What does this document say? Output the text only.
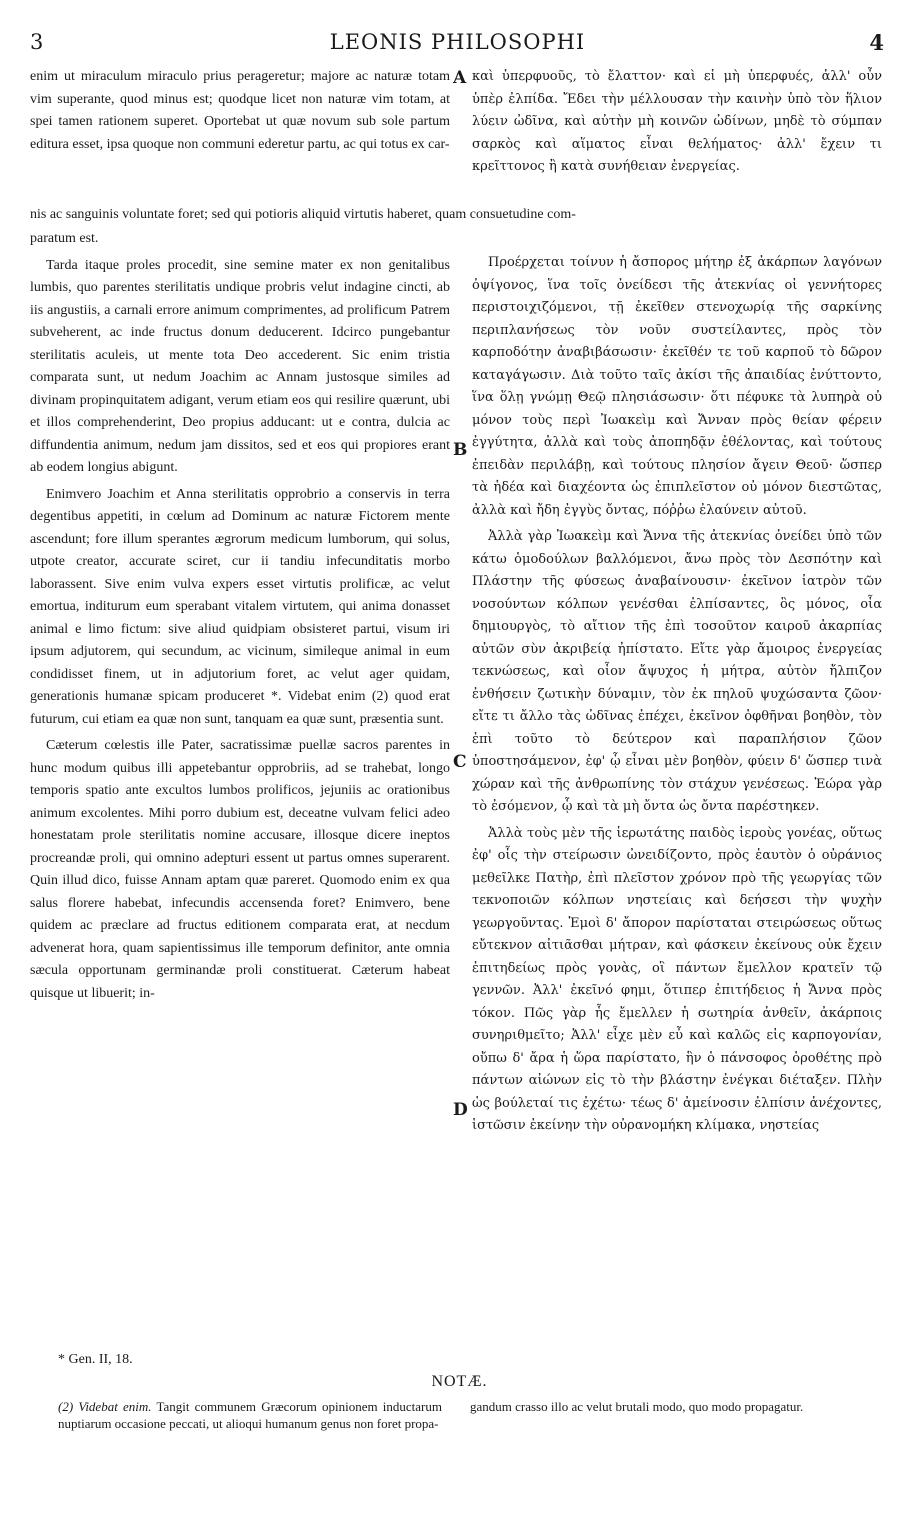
3	LEONIS PHILOSOPHI	4

enim ut miraculum miraculo prius perageretur; majore ac naturæ totam vim superante, quod minus est; quodque licet non naturæ vim totam, at spei tamen rationem superet. Oportebat ut quæ novum sub sole partum editura esset, ipsa quoque non communi ederetur partu, ac qui totus ex car-

καὶ ὑπερφυοῦς, τὸ ἔλαττον· καὶ εἰ μὴ ὑπερφυές, ἀλλ' οὖν ὑπὲρ ἐλπίδα. Ἔδει τὴν μέλλουσαν τὴν καινὴν ὑπὸ τὸν ἥλιον λύειν ὠδῖνα, καὶ αὐτὴν μὴ κοινῶν ὠδίνων, μηδὲ τὸ σύμπαν σαρκὸς καὶ αἵματος εἶναι θελήματος· ἀλλ' ἔχειν τι κρεῖττονος ἢ κατὰ συνήθειαν ἐνεργείας.

A
nis ac sanguinis voluntate foret; sed qui potioris aliquid virtutis haberet, quam consuetudine com-

paratum est.

Tarda itaque proles procedit, sine semine mater ex non genitalibus lumbis, quo parentes sterilitatis undique probris velut indagine cincti, ab iis angustiis, a carnali errore animum comprimentes, ad prolificum Patrem subveherent, ac inde fructus donum deducerent. Idcirco pungebantur sterilitatis aculeis, ut mente tota Deo accederent. Sic enim tristia comparata sunt, ut nedum Joachim ac Annam justosque similes ad divinam propinquitatem adigant, verum etiam eos qui resilire quærunt, ubi et illos comprehenderint, Deo propius adducant: ut e contra, dulcia ac diffundentia animum, nedum jam dissitos, sed et eos qui propiores erant ab eodem longius abigunt.

Enimvero Joachim et Anna sterilitatis opprobrio a conservis in terra degentibus appetiti, in cœlum ad Dominum ac naturæ Fictorem mente ascendunt; fore illum sperantes ægrorum medicum lumborum, qui solus, utpote creator, accurate sciret, cur ii tandiu infecunditatis morbo laborassent. Sive enim vulva expers esset virtutis prolificæ, ac velut emortua, inditurum eum sperabant vitalem virtutem, qui anima donasset animal e limo fictum: sive aliud quidpiam obsisteret partui, visum iri ipsum adjutorem, qui secundum, ac vicinum, simileque animal in eum condidisset finem, ut in adjutorium foret, ac velut ager quidam, generationis humanæ spicam produceret *. Videbat enim (2) quod erat futurum, cui etiam ea quæ non sunt, tanquam ea quæ sunt, præsentia sunt.

Cæterum cœlestis ille Pater, sacratissimæ puellæ sacros parentes in hunc modum quibus illi appetebantur opprobriis, ad se trahebat, longo temporis spatio ante excultos lumbos prolificos, jejuniis ac orationibus animum excolentes. Mihi porro dubium est, deceatne vulvam felici adeo honestatam prole sterilitatis nomine accusare, illosque dicere ineptos procreandæ proli, qui omnino adepturi essent ut partus omnes superarent. Quin illud dico, fuisse Annam aptam quæ pareret. Quomodo enim ex qua salus florere habebat, infecundis accensenda foret? Enimvero, bene quidem ac præclare ad fructus editionem comparata erat, at necdum advenerat hora, quam sapientissimus ille temporum definitor, ante omnia sæcula opportunam germinandæ proli constituerat. Cæterum habeat quisque ut libuerit; in-

Προέρχεται τοίνυν ἡ ἄσπορος μήτηρ ἐξ ἀκάρπων λαγόνων ὀψίγονος, ἵνα τοῖς ὀνείδεσι τῆς ἀτεκνίας οἱ γεννήτορες περιστοιχιζόμενοι, τῇ ἐκεῖθεν στενοχωρίᾳ τῆς σαρκίνης περιπλανήσεως τὸν νοῦν συστείλαντες, πρὸς τὸν καρποδότην ἀναβιβάσωσιν· ἐκεῖθέν τε τοῦ καρποῦ τὸ δῶρον καταγάγωσιν. Διὰ τοῦτο ταῖς ἀκίσι τῆς ἀπαιδίας ἐνύττοντο, ἵνα ὅλῃ γνώμῃ Θεῷ πλησιάσωσιν· ὅτι πέφυκε τὰ λυπηρὰ οὐ μόνον τοὺς περὶ Ἰωακεὶμ καὶ Ἄνναν πρὸς θείαν φέρειν ἐγγύτητα, ἀλλὰ καὶ τοὺς ἀποπηδᾷν ἐθέλοντας, καὶ τούτους ἐπειδὰν περιλάβῃ, καὶ τούτους πλησίον ἄγειν Θεοῦ· ὥσπερ τὰ ἡδέα καὶ διαχέοντα ὡς ἐπιπλεῖστον οὐ μόνον διεστῶτας, ἀλλὰ καὶ ἤδη ἐγγὺς ὄντας, πόῤῥω ἐλαύνειν αὐτοῦ.

Ἀλλὰ γὰρ Ἰωακεὶμ καὶ Ἄννα τῆς ἀτεκνίας ὀνείδει ὑπὸ τῶν κάτω ὁμοδούλων βαλλόμενοι, ἄνω πρὸς τὸν Δεσπότην καὶ Πλάστην τῆς φύσεως ἀναβαίνουσιν· ἐκεῖνον ἰατρὸν τῶν νοσούντων κόλπων γενέσθαι ἐλπίσαντες, ὃς μόνος, οἷα δημιουργὸς, τὸ αἴτιον τῆς ἐπὶ τοσοῦτον καιροῦ ἀκαρπίας αὐτῶν σὺν ἀκριβείᾳ ἠπίστατο. Εἴτε γὰρ ἄμοιρος ἐνεργείας τεκνώσεως, καὶ οἷον ἄψυχος ἡ μήτρα, αὐτὸν ἤλπιζον ἐνθήσειν ζωτικὴν δύναμιν, τὸν ἐκ πηλοῦ ψυχώσαντα ζῶον· εἴτε τι ἄλλο τὰς ὠδῖνας ἐπέχει, ἐκεῖνον ὀφθῆναι βοηθὸν, τὸν ἐπὶ τοῦτο τὸ δεύτερον καὶ παραπλήσιον ζῶον ὑποστησάμενον, ἐφ' ᾧ εἶναι μὲν βοηθὸν, φύειν δ' ὥσπερ τινὰ χώραν καὶ τῆς ἀνθρωπίνης τὸν στάχυν γενέσεως. Ἑώρα γὰρ τὸ ἐσόμενον, ᾧ καὶ τὰ μὴ ὄντα ὡς ὄντα παρέστηκεν.

Ἀλλὰ τοὺς μὲν τῆς ἱερωτάτης παιδὸς ἱεροὺς γονέας, οὕτως ἐφ' οἷς τὴν στείρωσιν ὠνειδίζοντο, πρὸς ἑαυτὸν ὁ οὐράνιος μεθεῖλκε Πατὴρ, ἐπὶ πλεῖστον χρόνον πρὸ τῆς γεωργίας τῶν τεκνοποιῶν κόλπων νηστείαις καὶ δεήσεσι τὴν ψυχὴν γεωργοῦντας. Ἐμοὶ δ' ἄπορον παρίσταται στειρώσεως οὕτως εὔτεκνον αἰτιᾶσθαι μήτραν, καὶ φάσκειν ἐκείνους οὐκ ἔχειν ἐπιτηδείως πρὸς γονὰς, οἳ πάντων ἔμελλον κρατεῖν τῷ γεννῶν. Ἀλλ' ἐκεῖνό φημι, ὅτιπερ ἐπιτήδειος ἡ Ἄννα πρὸς τόκον. Πῶς γὰρ ἧς ἔμελλεν ἡ σωτηρία ἀνθεῖν, ἀκάρποις συνηριθμεῖτο; Ἀλλ' εἶχε μὲν εὖ καὶ καλῶς εἰς καρπογονίαν, οὔπω δ' ἄρα ἡ ὥρα παρίστατο, ἣν ὁ πάνσοφος ὁροθέτης πρὸ πάντων αἰώνων εἰς τὸ τὴν βλάστην ἐνέγκαι διέταξεν. Πλὴν ὡς βούλεταί τις ἐχέτω· τέως δ' ἀμείνοσιν ἐλπίσιν ἀνέχοντες, ἱστῶσιν ἐκείνην τὴν οὐρανομήκη κλίμακα, νηστείας

B
C
D
* Gen. II, 18.
NOTÆ.
(2) Videbat enim. Tangit communem Græcorum opinionem inductarum nuptiarum occasione peccati, ut alioqui humanum genus non foret propa-
gandum crasso illo ac velut brutali modo, quo modo propagatur.
